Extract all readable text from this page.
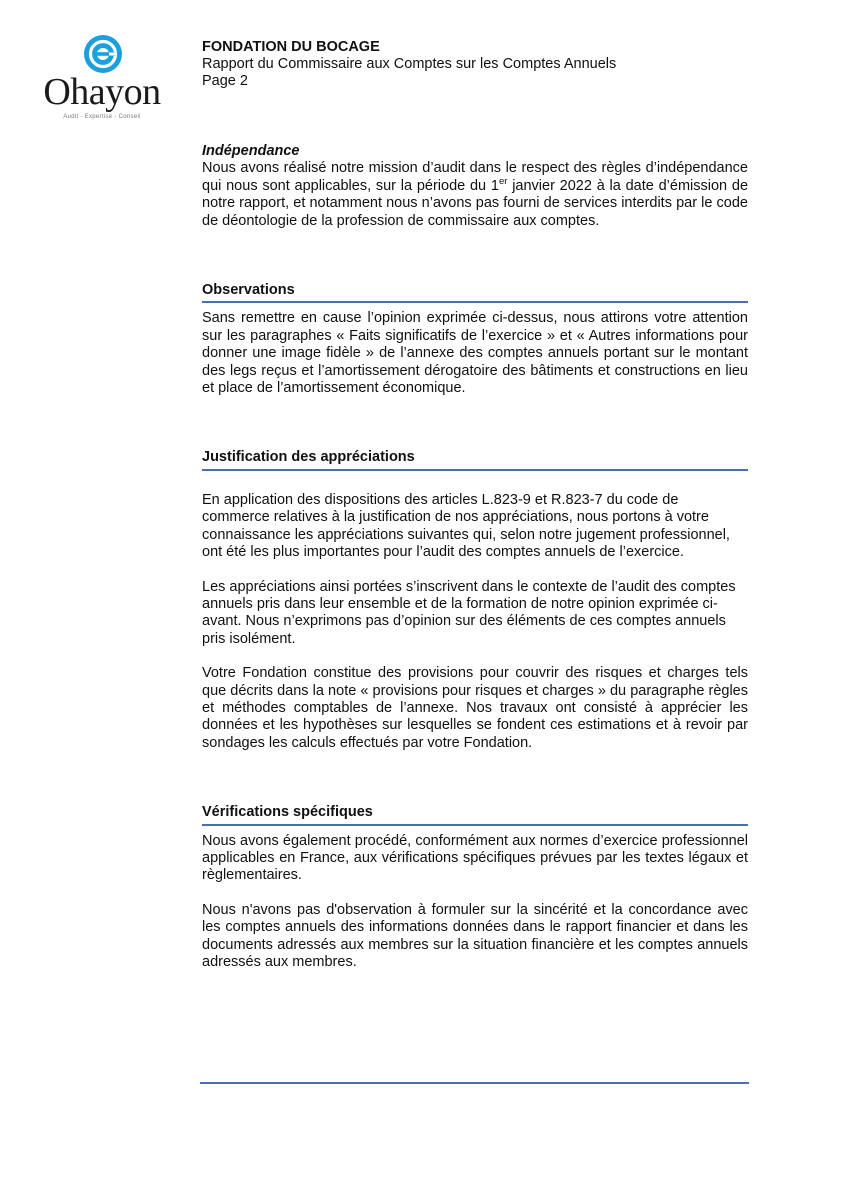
Ohayon
Audit - Expertise - Conseil
FONDATION DU BOCAGE
Rapport du Commissaire aux Comptes sur les Comptes Annuels
Page 2

Indépendance

Nous avons réalisé notre mission d’audit dans le respect des règles d’indépendance qui nous sont applicables, sur la période du 1er janvier 2022 à la date d’émission de notre rapport, et notamment nous n’avons pas fourni de services interdits par le code de déontologie de la profession de commissaire aux comptes.

Observations

Sans remettre en cause l’opinion exprimée ci-dessus, nous attirons votre attention sur les paragraphes « Faits significatifs de l’exercice » et « Autres informations pour donner une image fidèle » de l’annexe des comptes annuels portant sur le montant des legs reçus et l’amortissement dérogatoire des bâtiments et constructions en lieu et place de l’amortissement économique.

Justification des appréciations

En application des dispositions des articles L.823-9 et R.823-7 du code de commerce relatives à la justification de nos appréciations, nous portons à votre connaissance les appréciations suivantes qui, selon notre jugement professionnel, ont été les plus importantes pour l’audit des comptes annuels de l’exercice.

Les appréciations ainsi portées s’inscrivent dans le contexte de l’audit des comptes annuels pris dans leur ensemble et de la formation de notre opinion exprimée ci-avant. Nous n’exprimons pas d’opinion sur des éléments de ces comptes annuels pris isolément.

Votre Fondation constitue des provisions pour couvrir des risques et charges tels que décrits dans la note « provisions pour risques et charges » du paragraphe règles et méthodes comptables de l’annexe. Nos travaux ont consisté à apprécier les données et les hypothèses sur lesquelles se fondent ces estimations et à revoir par sondages les calculs effectués par votre Fondation.

Vérifications spécifiques

Nous avons également procédé, conformément aux normes d’exercice professionnel applicables en France, aux vérifications spécifiques prévues par les textes légaux et règlementaires.

Nous n'avons pas d'observation à formuler sur la sincérité et la concordance avec les comptes annuels des informations données dans le rapport financier et dans les documents adressés aux membres sur la situation financière et les comptes annuels adressés aux membres.
